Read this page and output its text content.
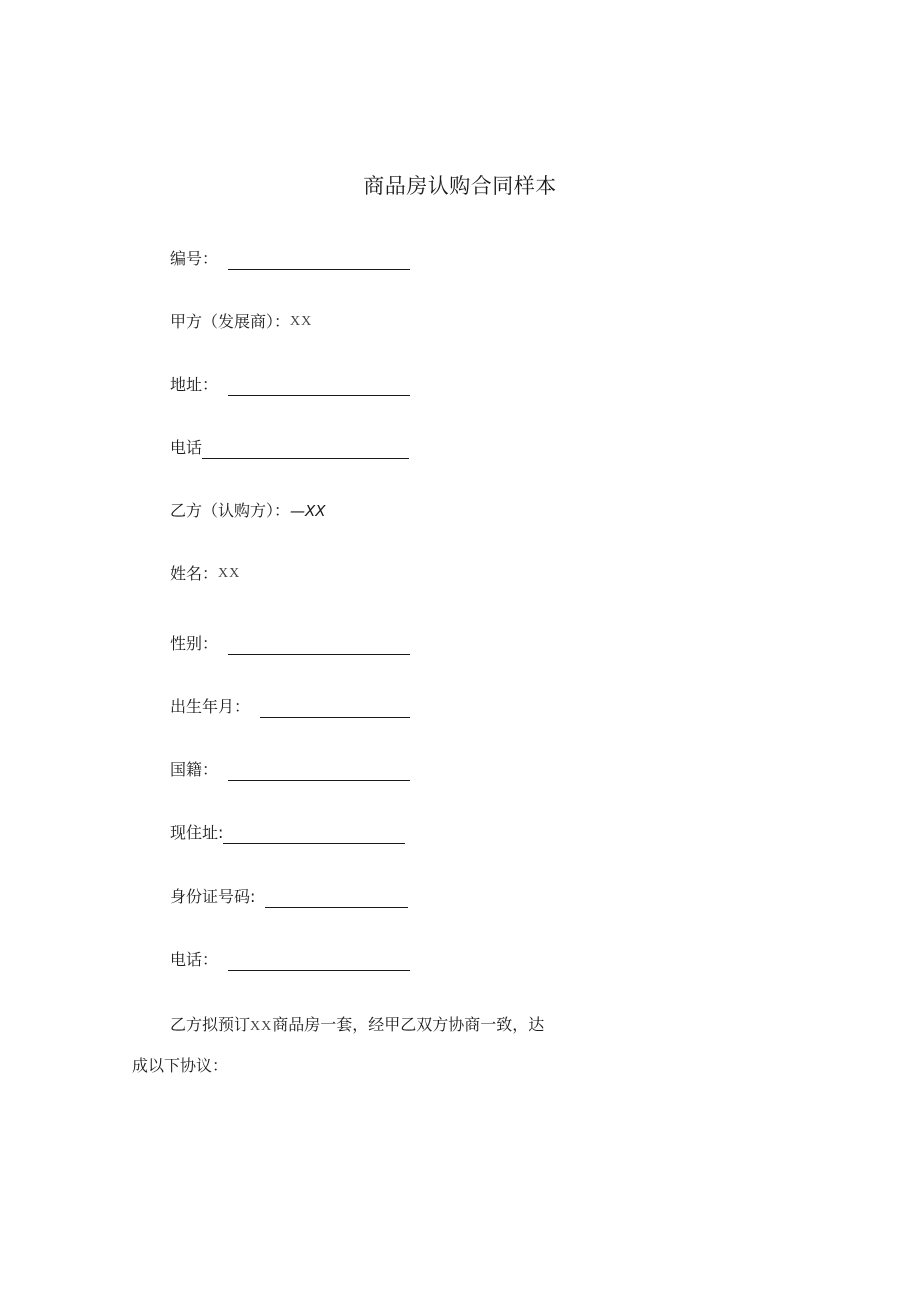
商品房认购合同样本
编号：
甲方（发展商）： XX
地址：
电话
乙方（认购方）： —XX
姓名： XX
性别：
出生年月：
国籍：
现住址:
身份证号码:
电话：
乙方拟预订XX商品房一套，经甲乙双方协商一致，达
成以下协议：
